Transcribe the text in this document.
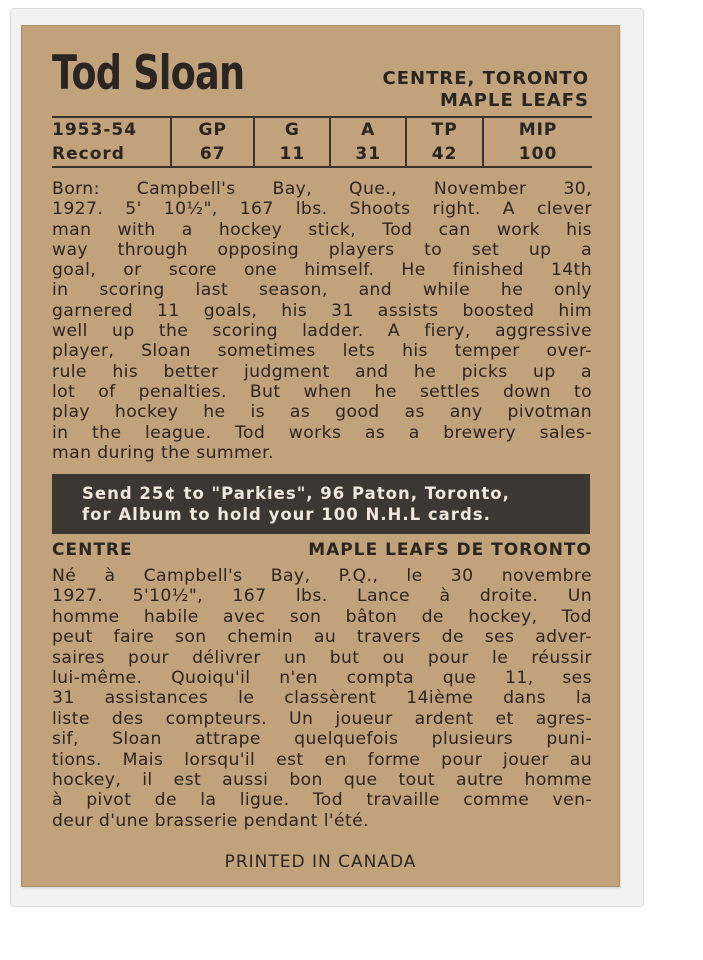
Tod Sloan	CENTRE, TORONTO
MAPLE LEAFS
1953-54	GP	G	A	TP	MIP
Record	67	11	31	42	100
Born: Campbell's Bay, Que., November 30,
1927. 5' 10½", 167 lbs. Shoots right. A clever
man with a hockey stick, Tod can work his
way through opposing players to set up a
goal, or score one himself. He finished 14th
in scoring last season, and while he only
garnered 11 goals, his 31 assists boosted him
well up the scoring ladder. A fiery, aggressive
player, Sloan sometimes lets his temper over-
rule his better judgment and he picks up a
lot of penalties. But when he settles down to
play hockey he is as good as any pivotman
in the league. Tod works as a brewery sales-
man during the summer.
Send 25¢ to "Parkies", 96 Paton, Toronto,
for Album to hold your 100 N.H.L cards.
CENTRE	MAPLE LEAFS DE TORONTO
Né à Campbell's Bay, P.Q., le 30 novembre
1927. 5'10½", 167 lbs. Lance à droite. Un
homme habile avec son bâton de hockey, Tod
peut faire son chemin au travers de ses adver-
saires pour délivrer un but ou pour le réussir
lui-même. Quoiqu'il n'en compta que 11, ses
31 assistances le classèrent 14ième dans la
liste des compteurs. Un joueur ardent et agres-
sif, Sloan attrape quelquefois plusieurs puni-
tions. Mais lorsqu'il est en forme pour jouer au
hockey, il est aussi bon que tout autre homme
à pivot de la ligue. Tod travaille comme ven-
deur d'une brasserie pendant l'été.
PRINTED IN CANADA
